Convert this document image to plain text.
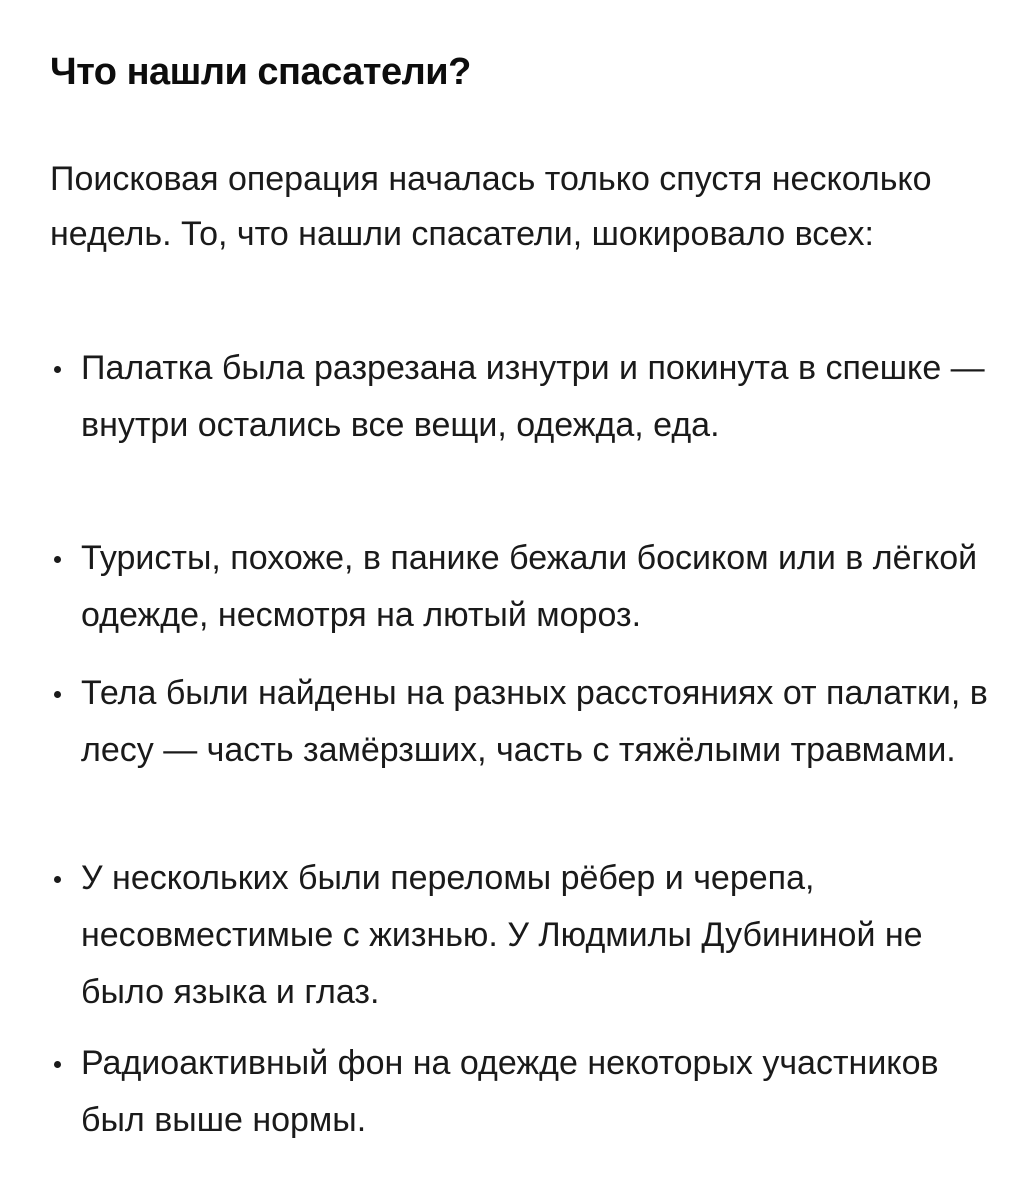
Что нашли спасатели?

Поисковая операция началась только спустя несколько недель. То, что нашли спасатели, шокировало всех:

Палатка была разрезана изнутри и покинута в спешке — внутри остались все вещи, одежда, еда.
Туристы, похоже, в панике бежали босиком или в лёгкой одежде, несмотря на лютый мороз.
Тела были найдены на разных расстояниях от палатки, в лесу — часть замёрзших, часть с тяжёлыми травмами.
У нескольких были переломы рёбер и черепа, несовместимые с жизнью. У Людмилы Дубининой не было языка и глаз.
Радиоактивный фон на одежде некоторых участников был выше нормы.
